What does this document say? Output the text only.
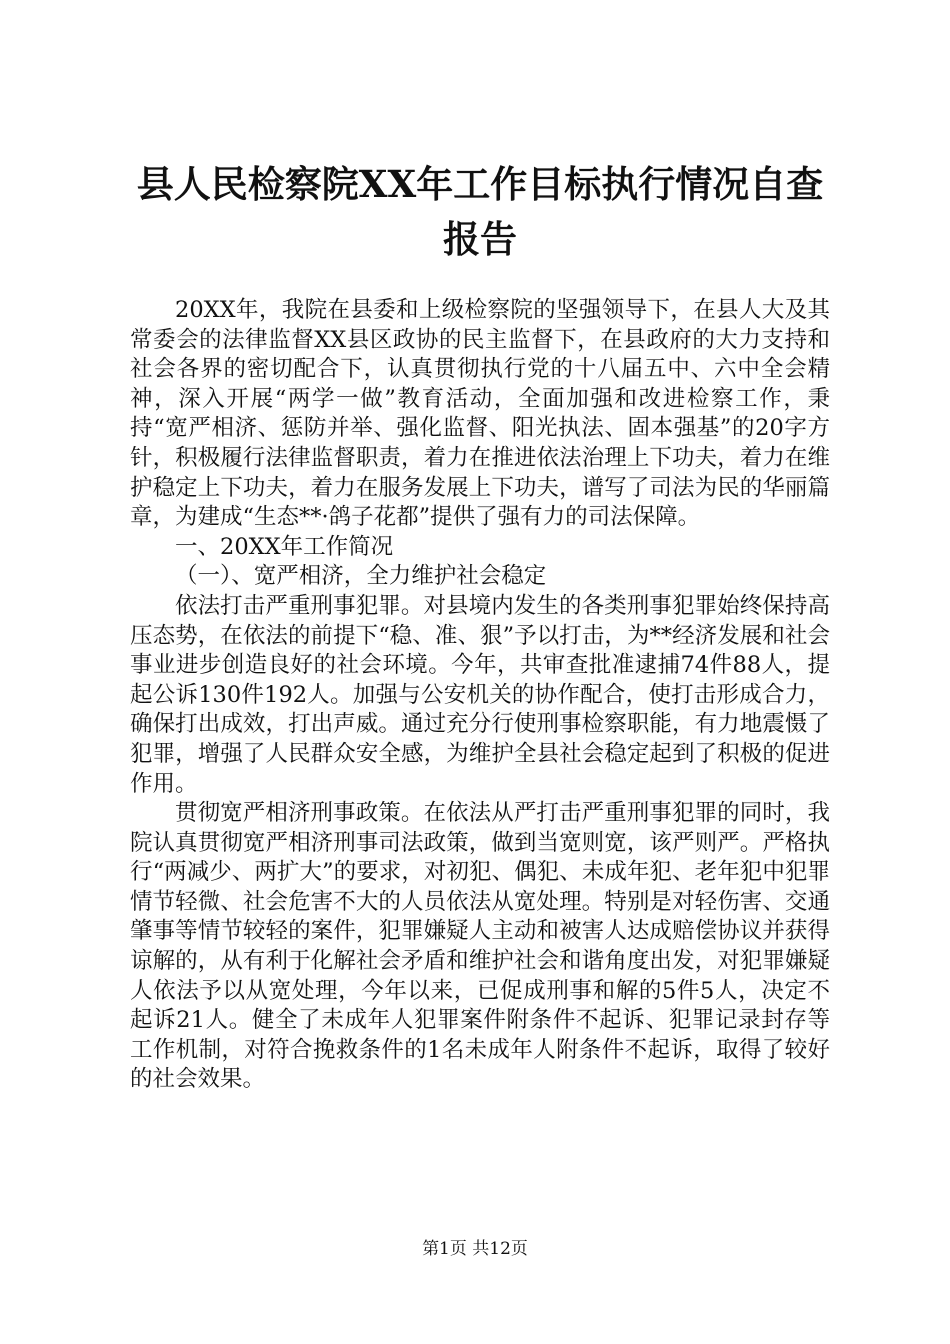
县人民检察院XX年工作目标执行情况自查报告

20XX年，我院在县委和上级检察院的坚强领导下，在县人大及其常委会的法律监督XX县区政协的民主监督下，在县政府的大力支持和社会各界的密切配合下，认真贯彻执行党的十八届五中、六中全会精神，深入开展“两学一做”教育活动，全面加强和改进检察工作，秉持“宽严相济、惩防并举、强化监督、阳光执法、固本强基”的20字方针，积极履行法律监督职责，着力在推进依法治理上下功夫，着力在维护稳定上下功夫，着力在服务发展上下功夫，谱写了司法为民的华丽篇章，为建成“生态**·鸽子花都”提供了强有力的司法保障。

一、20XX年工作简况

（一）、宽严相济，全力维护社会稳定

依法打击严重刑事犯罪。对县境内发生的各类刑事犯罪始终保持高压态势，在依法的前提下“稳、准、狠”予以打击，为**经济发展和社会事业进步创造良好的社会环境。今年，共审查批准逮捕74件88人，提起公诉130件192人。加强与公安机关的协作配合，使打击形成合力，确保打出成效，打出声威。通过充分行使刑事检察职能，有力地震慑了犯罪，增强了人民群众安全感，为维护全县社会稳定起到了积极的促进作用。

贯彻宽严相济刑事政策。在依法从严打击严重刑事犯罪的同时，我院认真贯彻宽严相济刑事司法政策，做到当宽则宽，该严则严。严格执行“两减少、两扩大”的要求，对初犯、偶犯、未成年犯、老年犯中犯罪情节轻微、社会危害不大的人员依法从宽处理。特别是对轻伤害、交通肇事等情节较轻的案件，犯罪嫌疑人主动和被害人达成赔偿协议并获得谅解的，从有利于化解社会矛盾和维护社会和谐角度出发，对犯罪嫌疑人依法予以从宽处理，今年以来，已促成刑事和解的5件5人，决定不起诉21人。健全了未成年人犯罪案件附条件不起诉、犯罪记录封存等工作机制，对符合挽救条件的1名未成年人附条件不起诉，取得了较好的社会效果。

第1页 共12页
